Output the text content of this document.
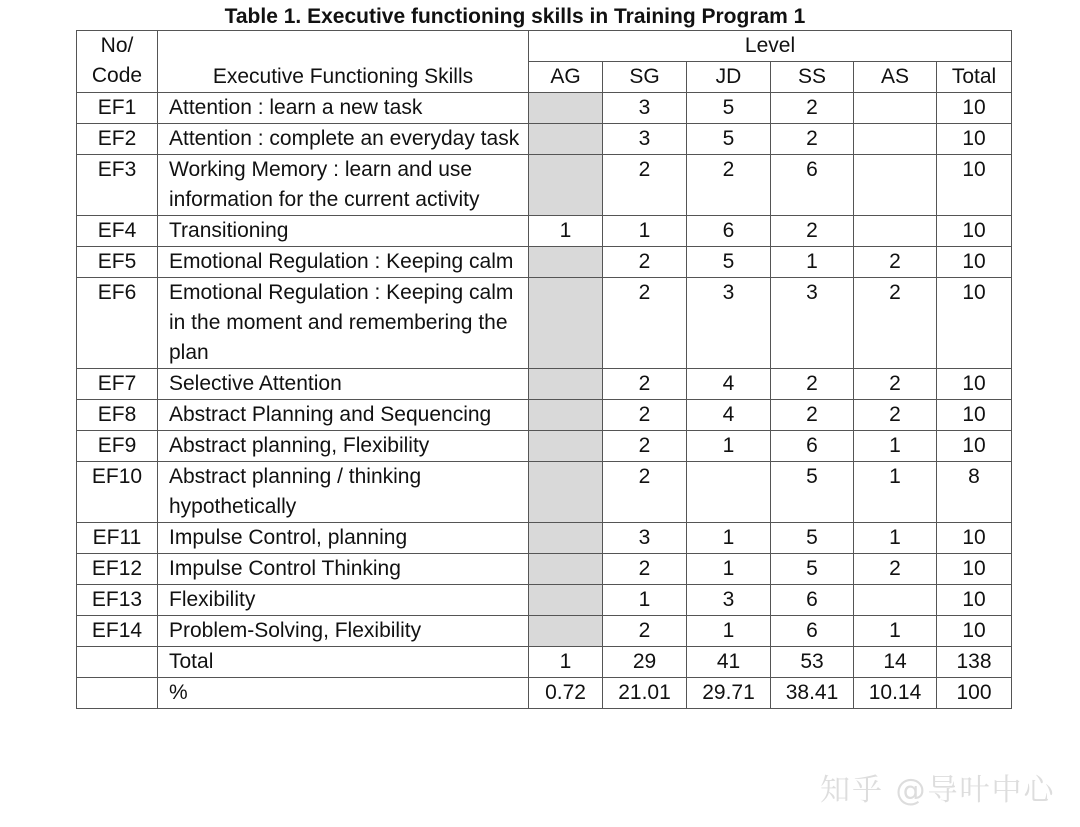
Table 1. Executive functioning skills in Training Program 1
No/
Code	Executive Functioning Skills	Level					
		AG	SG	JD	SS	AS	Total
EF1	Attention : learn a new task		3	5	2		10
EF2	Attention : complete an everyday task		3	5	2		10
EF3	Working Memory : learn and use information for the current activity		2	2	6		10
EF4	Transitioning	1	1	6	2		10
EF5	Emotional Regulation : Keeping calm		2	5	1	2	10
EF6	Emotional Regulation : Keeping calm in the moment and remembering the plan		2	3	3	2	10
EF7	Selective Attention		2	4	2	2	10
EF8	Abstract Planning and Sequencing		2	4	2	2	10
EF9	Abstract planning, Flexibility		2	1	6	1	10
EF10	Abstract planning / thinking hypothetically		2		5	1	8
EF11	Impulse Control, planning		3	1	5	1	10
EF12	Impulse Control Thinking		2	1	5	2	10
EF13	Flexibility		1	3	6		10
EF14	Problem-Solving, Flexibility		2	1	6	1	10
	Total	1	29	41	53	14	138
	%	0.72	21.01	29.71	38.41	10.14	100
知乎 @导叶中心
